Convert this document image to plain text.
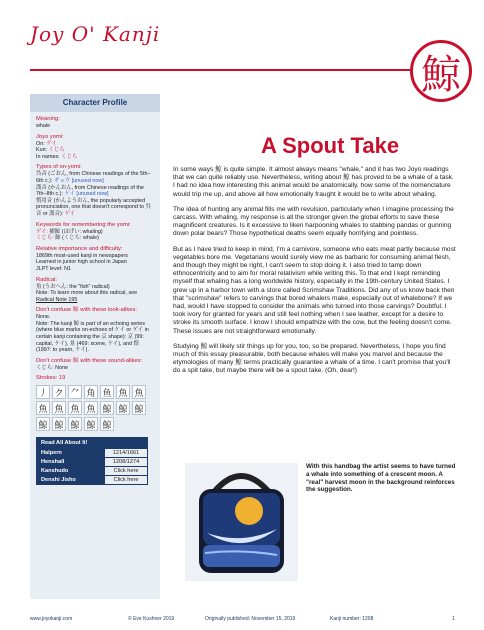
Joy O' Kanji
鯨
Character Profile
Meaning:
whale
Joyo yomi:
On: ゲイ
Kun: くじら
In names: くじら
Types of on-yomi:
呉音 (ごおん, from Chinese readings of the 5th–6th c.): ギョウ [unused now]
漢音 (かんおん, from Chinese readings of the 7th–8th c.): ケイ [unused now]
慣用音 (かんようおん, the popularly accepted pronunciation, one that doesn't correspond to 呉音 or 漢音): ゲイ
Keywords for remembering the yomi:
ゲイ: 捕鯨 (ほげい: whaling)
くじら: 鯨 (くじら: whale)
Relative importance and difficulty:
1869th most-used kanji in newspapers
Learned in junior high school in Japan
JLPT level: N1
Radical:
魚 (うおへん: the "fish" radical)
Note: To learn more about this radical, see Radical Note 195
Don't confuse 鯨 with these look-alikes:
None.
Note: The kanji 鯨 is part of an echoing series (where blue marks on-echoes of ケイ or ゲイ in certain kanji containing the 京 shape): 京 (99: capital, ケイ), 景 (469: scene, ケイ), and 憬 (1997: to yearn, ケイ).
Don't confuse 鯨 with these sound-alikes:
くじら: None
Strokes: 19
丿 ク ⺈ 角 鱼 魚 魚
魚 魚 魚 魚 鯨 鯨 鯨
鯨 鯨 鯨 鯨 鯨
Read All About It!
Halpern	1214/1661
Henshall	1208/1274
Kanshudo	Click here
Denshi Jisho	Click here
A Spout Take

In some ways 鯨 is quite simple. It almost always means "whale," and it has two Joyo readings that we can quite reliably use. Nevertheless, writing about 鯨 has proved to be a whale of a task. I had no idea how interesting this animal would be anatomically, how some of the nomenclature would trip me up, and above all how emotionally fraught it would be to write about whaling.

The idea of hunting any animal fills me with revulsion, particularly when I imagine processing the carcass. With whaling, my response is all the stronger given the global efforts to save these magnificent creatures. Is it excessive to liken harpooning whales to stabbing pandas or gunning down polar bears? Those hypothetical deaths seem equally horrifying and pointless.

But as I have tried to keep in mind, I'm a carnivore, someone who eats meat partly because most vegetables bore me. Vegetarians would surely view me as barbaric for consuming animal flesh, and though they might be right, I can't seem to stop doing it. I also tried to tamp down ethnocentricity and to aim for moral relativism while writing this. To that end I kept reminding myself that whaling has a long worldwide history, especially in the 19th-century United States. I grew up in a harbor town with a store called Scrimshaw Traditions. Did any of us know back then that "scrimshaw" refers to carvings that bored whalers make, especially out of whalebone? If we had, would I have stopped to consider the animals who turned into those carvings? Doubtful. I took ivory for granted for years and still feel nothing when I see leather, except for a desire to stroke its smooth surface. I know I should empathize with the cow, but the feeling doesn't come. These issues are not straightforward emotionally.

Studying 鯨 will likely stir things up for you, too, so be prepared. Nevertheless, I hope you find much of this essay pleasurable, both because whales will make you marvel and because the etymologies of many 鯨 terms practically guarantee a whale of a time. I can't promise that you'll do a spit take, but maybe there will be a spout take. (Oh, dear!)

With this handbag the artist seems to have turned a whale into something of a crescent moon. A "real" harvest moon in the background reinforces the suggestion.
www.joyokanji.com	© Eve Kushner 2019	Originally published: November 15, 2019	Kanji number: 1208	1
